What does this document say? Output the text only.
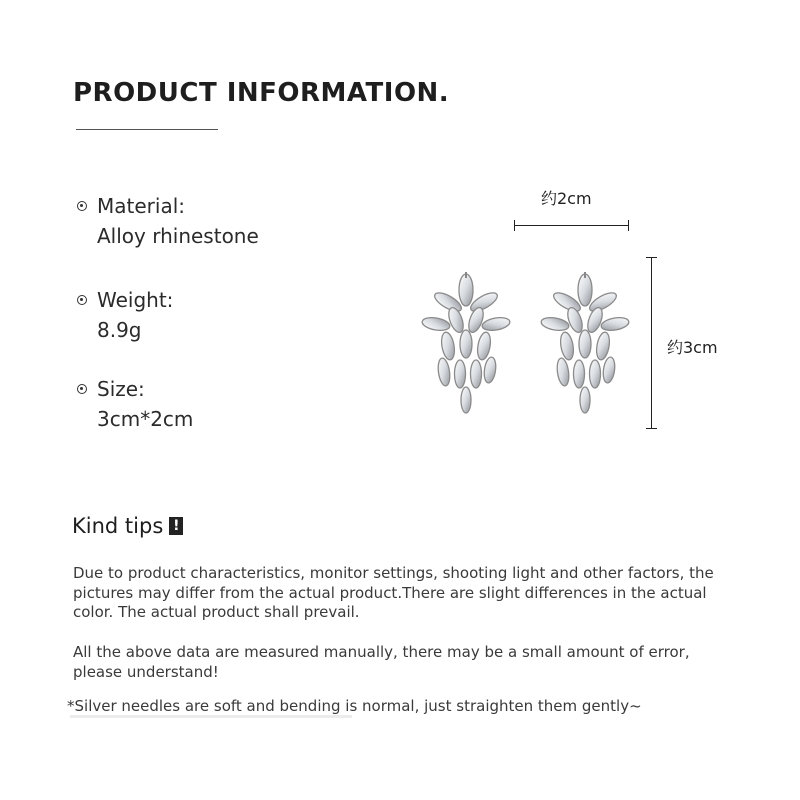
PRODUCT INFORMATION.
Material:
Alloy rhinestone
Weight:
8.9g
Size:
3cm*2cm
约2cm
约3cm
Kind tips !
Due to product characteristics, monitor settings, shooting light and other factors, the pictures may differ from the actual product.There are slight differences in the actual color. The actual product shall prevail.
All the above data are measured manually, there may be a small amount of error, please understand!
*Silver needles are soft and bending is normal, just straighten them gently~
